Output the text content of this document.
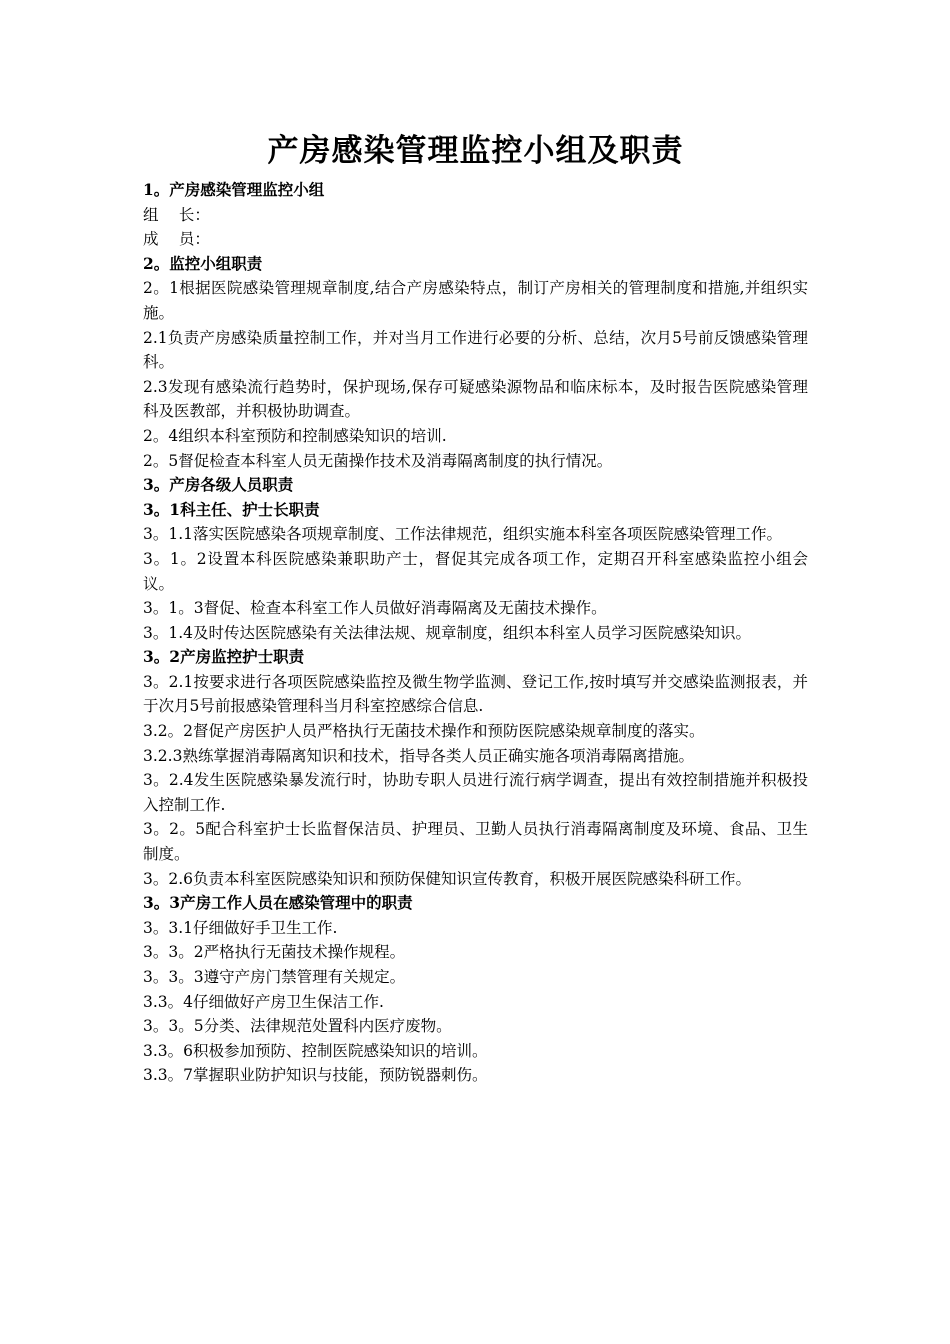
产房感染管理监控小组及职责

1。产房感染管理监控小组

组　 长：

成　 员：

2。监控小组职责

2。1根据医院感染管理规章制度,结合产房感染特点，制订产房相关的管理制度和措施,并组织实施。

2.1负责产房感染质量控制工作，并对当月工作进行必要的分析、总结，次月5号前反馈感染管理科。

2.3发现有感染流行趋势时，保护现场,保存可疑感染源物品和临床标本，及时报告医院感染管理科及医教部，并积极协助调查。

2。4组织本科室预防和控制感染知识的培训.

2。5督促检查本科室人员无菌操作技术及消毒隔离制度的执行情况。

3。产房各级人员职责

3。1科主任、护士长职责

3。1.1落实医院感染各项规章制度、工作法律规范，组织实施本科室各项医院感染管理工作。

3。1。2设置本科医院感染兼职助产士，督促其完成各项工作，定期召开科室感染监控小组会议。

3。1。3督促、检查本科室工作人员做好消毒隔离及无菌技术操作。

3。1.4及时传达医院感染有关法律法规、规章制度，组织本科室人员学习医院感染知识。

3。2产房监控护士职责

3。2.1按要求进行各项医院感染监控及微生物学监测、登记工作,按时填写并交感染监测报表，并于次月5号前报感染管理科当月科室控感综合信息.

3.2。2督促产房医护人员严格执行无菌技术操作和预防医院感染规章制度的落实。

3.2.3熟练掌握消毒隔离知识和技术，指导各类人员正确实施各项消毒隔离措施。

3。2.4发生医院感染暴发流行时，协助专职人员进行流行病学调查，提出有效控制措施并积极投入控制工作.

3。2。5配合科室护士长监督保洁员、护理员、卫勤人员执行消毒隔离制度及环境、食品、卫生制度。

3。2.6负责本科室医院感染知识和预防保健知识宣传教育，积极开展医院感染科研工作。

3。3产房工作人员在感染管理中的职责

3。3.1仔细做好手卫生工作.

3。3。2严格执行无菌技术操作规程。

3。3。3遵守产房门禁管理有关规定。

3.3。4仔细做好产房卫生保洁工作.

3。3。5分类、法律规范处置科内医疗废物。

3.3。6积极参加预防、控制医院感染知识的培训。

3.3。7掌握职业防护知识与技能，预防锐器刺伤。
